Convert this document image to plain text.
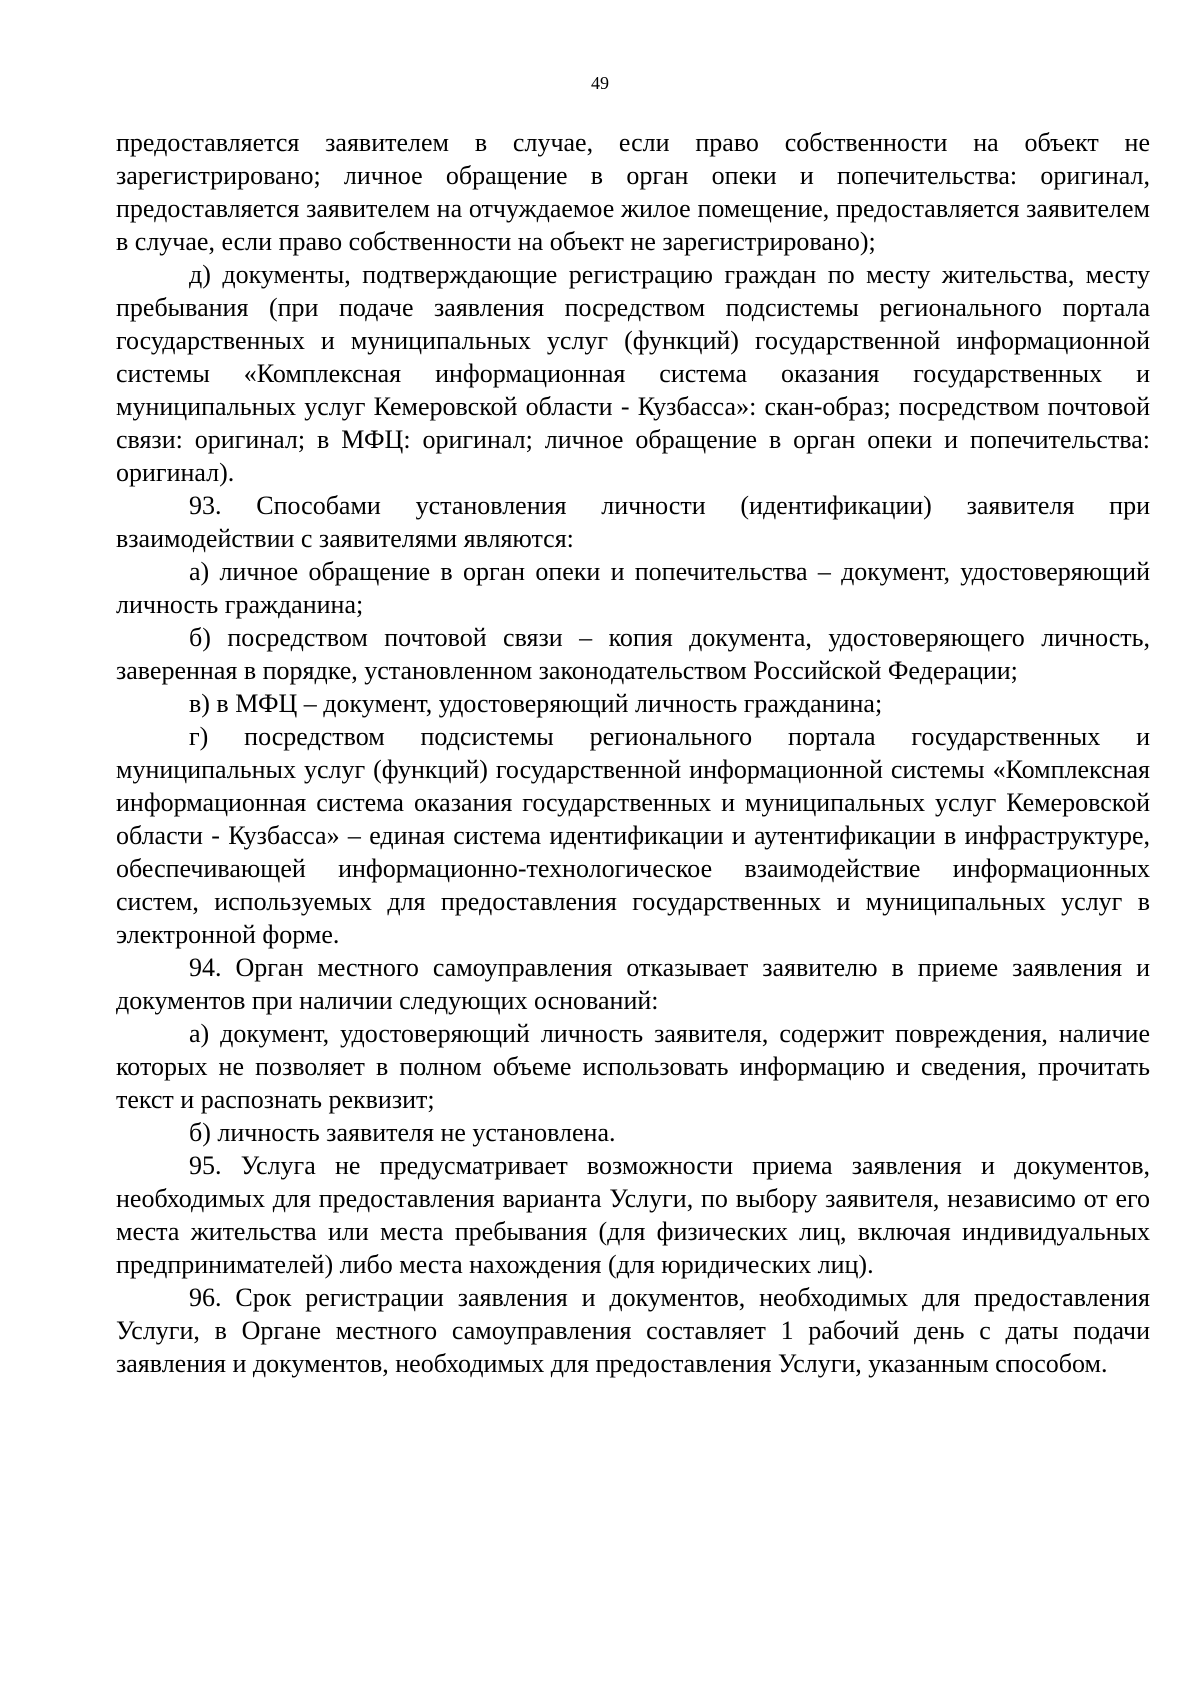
49

предоставляется заявителем в случае, если право собственности на объект не зарегистрировано; личное обращение в орган опеки и попечительства: оригинал, предоставляется заявителем на отчуждаемое жилое помещение, предоставляется заявителем в случае, если право собственности на объект не зарегистрировано);

д) документы, подтверждающие регистрацию граждан по месту жительства, месту пребывания (при подаче заявления посредством подсистемы регионального портала государственных и муниципальных услуг (функций) государственной информационной системы «Комплексная информационная система оказания государственных и муниципальных услуг Кемеровской области - Кузбасса»: скан-образ; посредством почтовой связи: оригинал; в МФЦ: оригинал; личное обращение в орган опеки и попечительства: оригинал).

93. Способами установления личности (идентификации) заявителя при взаимодействии с заявителями являются:

а) личное обращение в орган опеки и попечительства – документ, удостоверяющий личность гражданина;

б) посредством почтовой связи – копия документа, удостоверяющего личность, заверенная в порядке, установленном законодательством Российской Федерации;

в) в МФЦ – документ, удостоверяющий личность гражданина;

г) посредством подсистемы регионального портала государственных и муниципальных услуг (функций) государственной информационной системы «Комплексная информационная система оказания государственных и муниципальных услуг Кемеровской области - Кузбасса» – единая система идентификации и аутентификации в инфраструктуре, обеспечивающей информационно-технологическое взаимодействие информационных систем, используемых для предоставления государственных и муниципальных услуг в электронной форме.

94. Орган местного самоуправления отказывает заявителю в приеме заявления и документов при наличии следующих оснований:

а) документ, удостоверяющий личность заявителя, содержит повреждения, наличие которых не позволяет в полном объеме использовать информацию и сведения, прочитать текст и распознать реквизит;

б) личность заявителя не установлена.

95. Услуга не предусматривает возможности приема заявления и документов, необходимых для предоставления варианта Услуги, по выбору заявителя, независимо от его места жительства или места пребывания (для физических лиц, включая индивидуальных предпринимателей) либо места нахождения (для юридических лиц).

96. Срок регистрации заявления и документов, необходимых для предоставления Услуги, в Органе местного самоуправления составляет 1 рабочий день с даты подачи заявления и документов, необходимых для предоставления Услуги, указанным способом.
